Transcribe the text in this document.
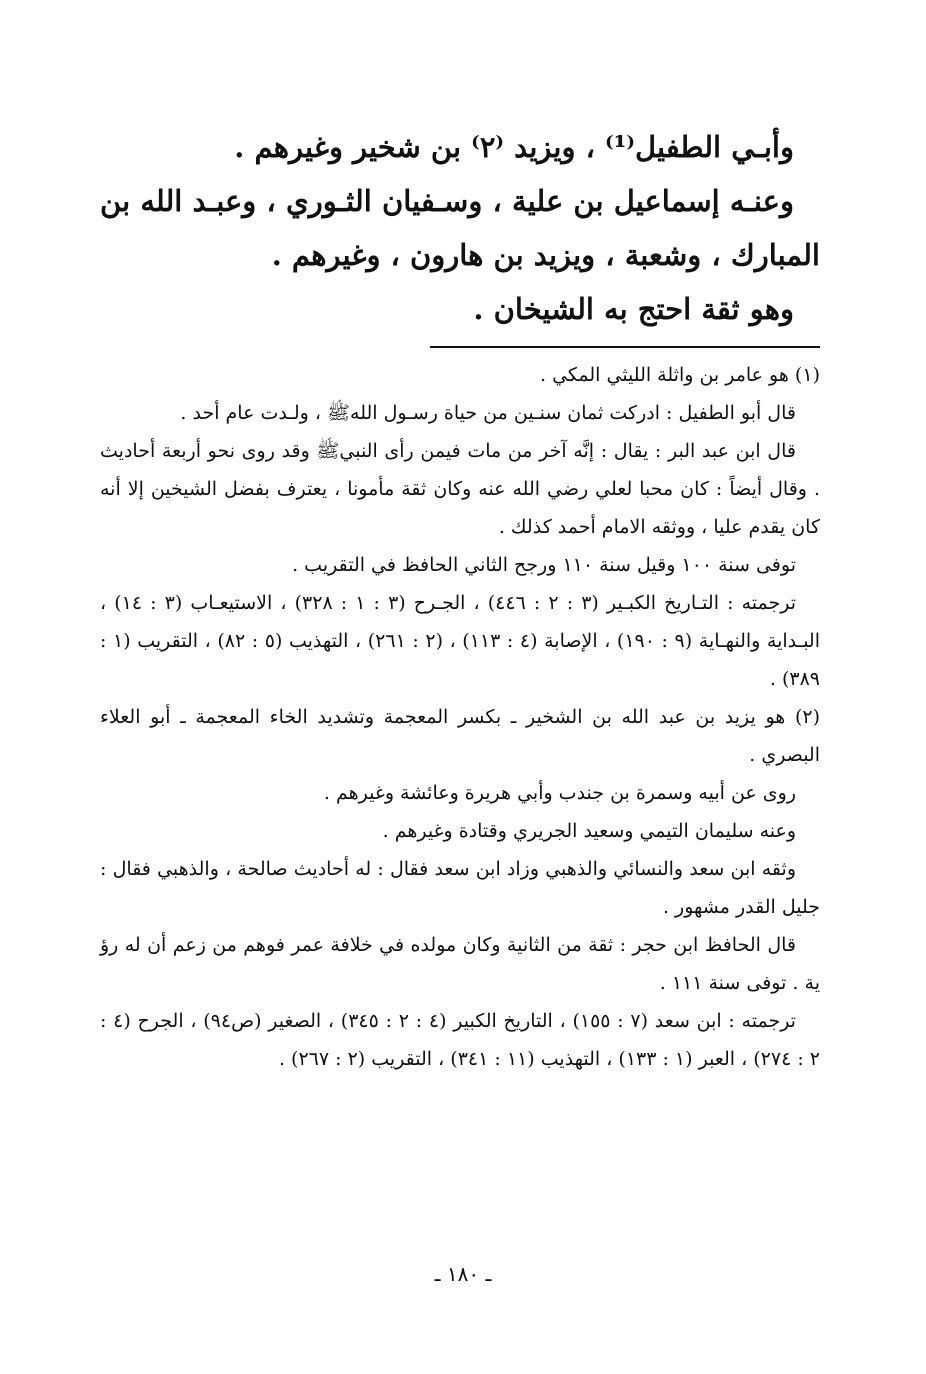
وأبـي الطفيل⁽¹⁾ ، ويزيد ⁽٢⁾ بن شخير وغيرهم .

وعنـه إسماعيل بن علية ، وسـفيان الثـوري ، وعبـد الله بن المبارك ، وشعبة ، ويزيد بن هارون ، وغيرهم .

وهو ثقة احتج به الشيخان .

(١) هو عامر بن واثلة الليثي المكي .

قال أبو الطفيل : ادركت ثمان سنـين من حياة رسـول اللهﷺ ، ولـدت عام أحد .

قال ابن عبد البر : يقال : إنَّه آخر من مات فيمن رأى النبيﷺ وقد روى نحو أربعة أحاديث . وقال أيضاً : كان محبا لعلي رضي الله عنه وكان ثقة مأمونا ، يعترف بفضل الشيخين إلا أنه كان يقدم عليا ، ووثقه الامام أحمد كذلك .

توفى سنة ١٠٠ وقيل سنة ١١٠ ورجح الثاني الحافظ في التقريب .

ترجمته : التـاريخ الكبـير (٣ : ٢ : ٤٤٦) ، الجـرح (٣ : ١ : ٣٢٨) ، الاستيعـاب (٣ : ١٤) ، البـداية والنهـاية (٩ : ١٩٠) ، الإصابة (٤ : ١١٣) ، (٢ : ٢٦١) ، التهذيب (٥ : ٨٢) ، التقريب (١ : ٣٨٩) .

(٢) هو يزيد بن عبد الله بن الشخير ـ بكسر المعجمة وتشديد الخاء المعجمة ـ أبو العلاء البصري .

روى عن أبيه وسمرة بن جندب وأبي هريرة وعائشة وغيرهم .

وعنه سليمان التيمي وسعيد الجريري وقتادة وغيرهم .

وثقه ابن سعد والنسائي والذهبي وزاد ابن سعد فقال : له أحاديث صالحة ، والذهبي فقال : جليل القدر مشهور .

قال الحافظ ابن حجر : ثقة من الثانية وكان مولده في خلافة عمر فوهم من زعم أن له رؤ ية . توفى سنة ١١١ .

ترجمته : ابن سعد (٧ : ١٥٥) ، التاريخ الكبير (٤ : ٢ : ٣٤٥) ، الصغير (ص٩٤) ، الجرح (٤ : ٢ : ٢٧٤) ، العبر (١ : ١٣٣) ، التهذيب (١١ : ٣٤١) ، التقريب (٢ : ٢٦٧) .

ـ ١٨٠ ـ
